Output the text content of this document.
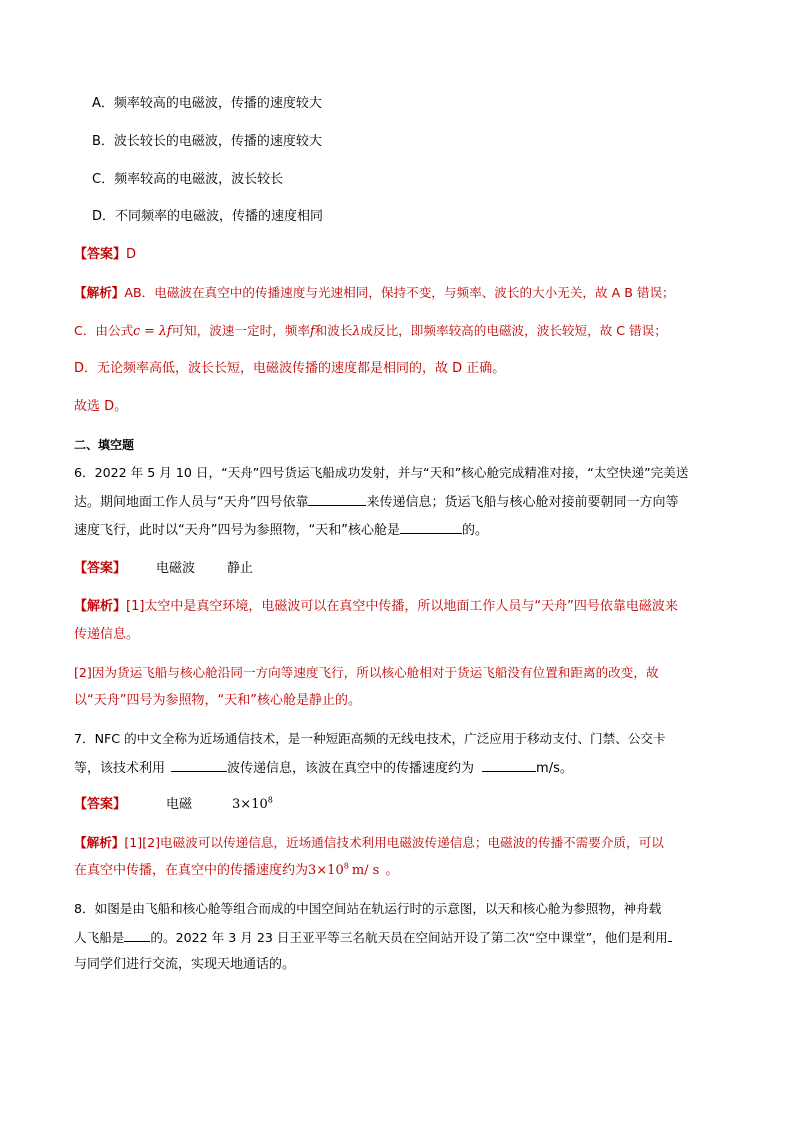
A．频率较高的电磁波，传播的速度较大
B．波长较长的电磁波，传播的速度较大
C．频率较高的电磁波，波长较长
D．不同频率的电磁波，传播的速度相同
【答案】D
【解析】AB．电磁波在真空中的传播速度与光速相同，保持不变，与频率、波长的大小无关，故 A B 错误；
C．由公式c = λf可知，波速一定时，频率f和波长λ成反比，即频率较高的电磁波，波长较短，故 C 错误；
D．无论频率高低，波长长短，电磁波传播的速度都是相同的，故 D 正确。
故选 D。
二、填空题
6．2022 年 5 月 10 日，“天舟”四号货运飞船成功发射，并与“天和”核心舱完成精准对接，“太空快递”完美送
达。期间地面工作人员与“天舟”四号依靠	来传递信息；货运飞船与核心舱对接前要朝同一方向等
速度飞行，此时以“天舟”四号为参照物，“天和”核心舱是	的。
【答案】 电磁波 静止
【解析】[1]太空中是真空环境，电磁波可以在真空中传播，所以地面工作人员与“天舟”四号依靠电磁波来
传递信息。
[2]因为货运飞船与核心舱沿同一方向等速度飞行，所以核心舱相对于货运飞船没有位置和距离的改变，故
以“天舟”四号为参照物，“天和”核心舱是静止的。
7．NFC 的中文全称为近场通信技术，是一种短距高频的无线电技术，广泛应用于移动支付、门禁、公交卡
等，该技术利用	波传递信息，该波在真空中的传播速度约为	m/s。
【答案】	电磁	$3\times 10^8$
【解析】[1][2]电磁波可以传递信息，近场通信技术利用电磁波传递信息；电磁波的传播不需要介质，可以
在真空中传播，在真空中的传播速度约为$3\times 10^8$ m/ s 。
8．如图是由飞船和核心舱等组合而成的中国空间站在轨运行时的示意图，以天和核心舱为参照物，神舟载
人飞船是 的。2022 年 3 月 23 日王亚平等三名航天员在空间站开设了第二次“空中课堂”，他们是利用
与同学们进行交流，实现天地通话的。
